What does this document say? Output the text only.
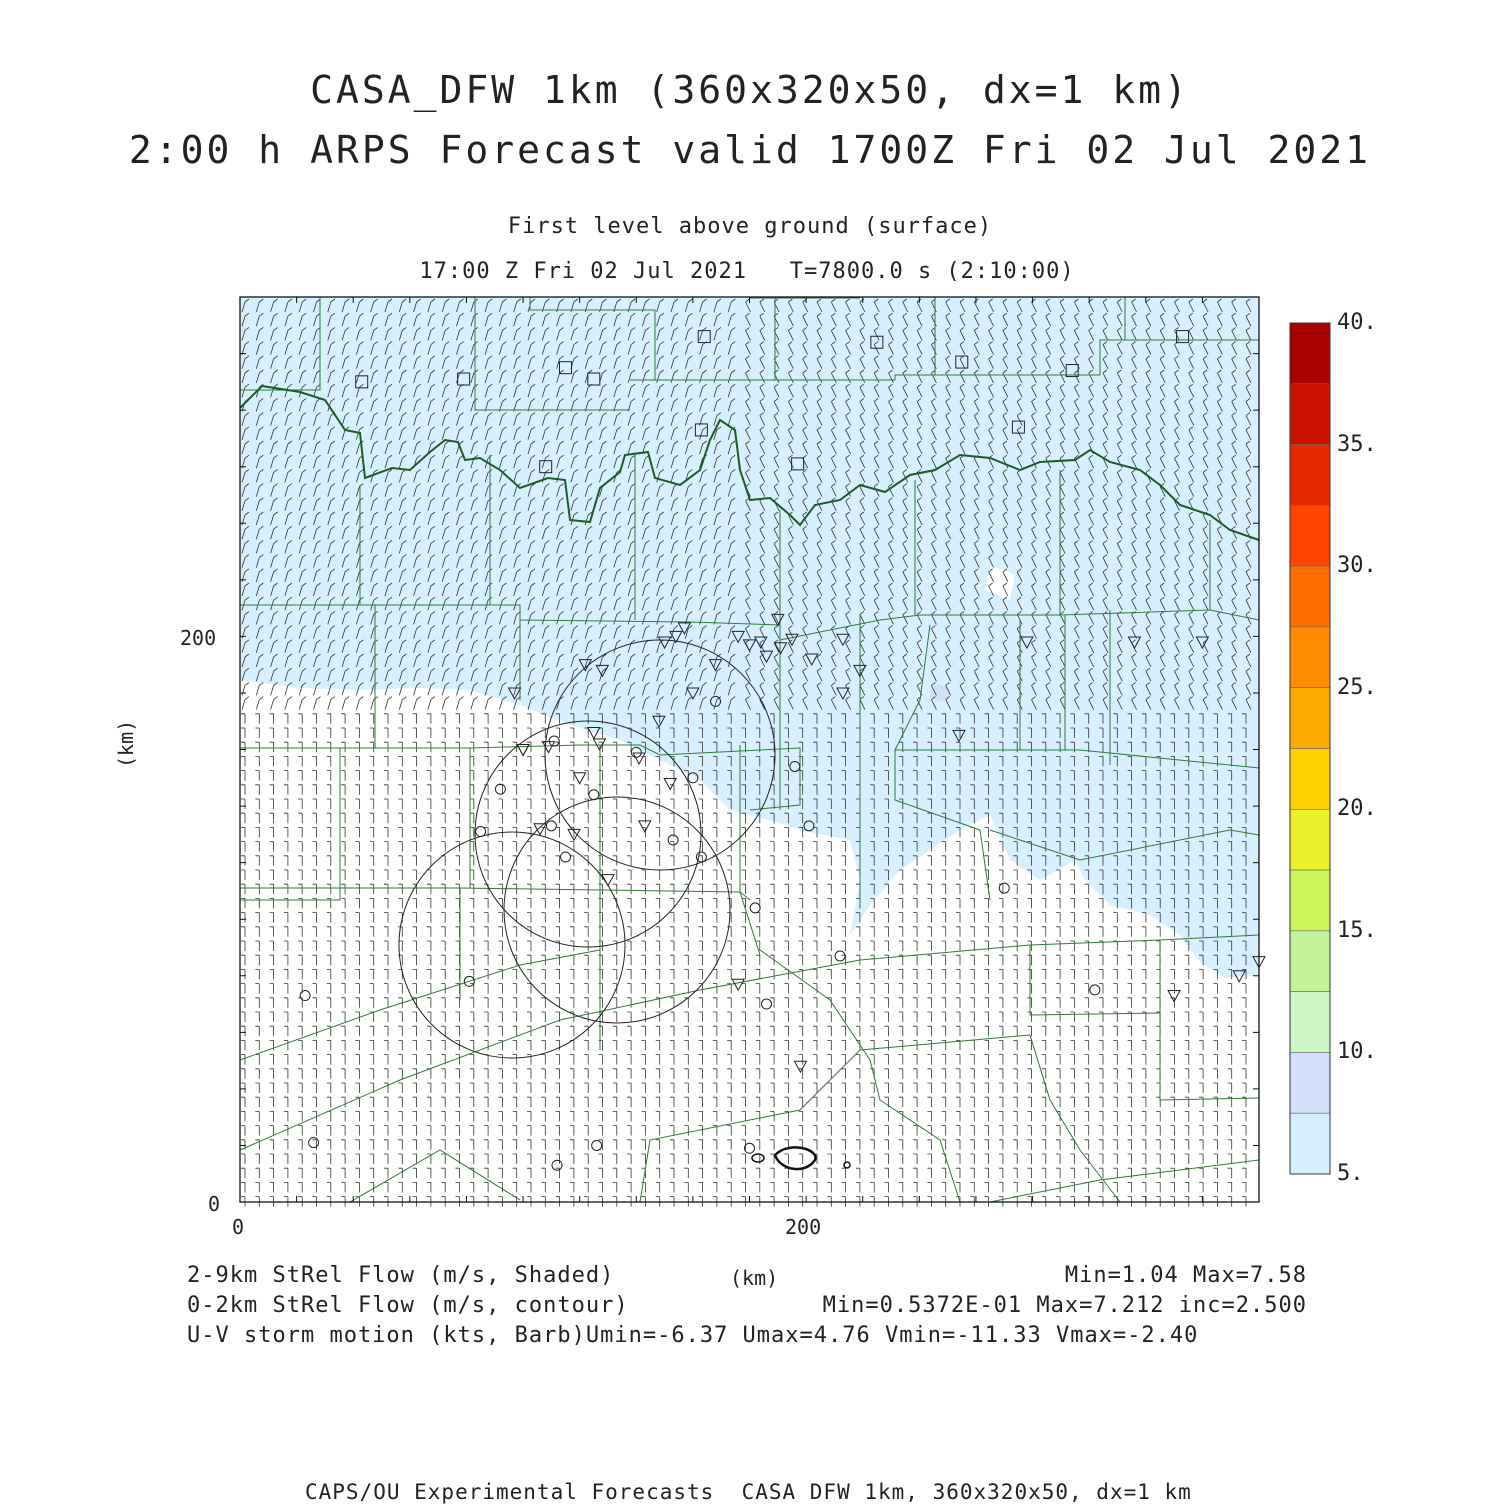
CASA_DFW 1km (360x320x50, dx=1 km)
2:00 h ARPS Forecast valid 1700Z Fri 02 Jul 2021
First level above ground (surface)
17:00 Z Fri 02 Jul 2021   T=7800.0 s (2:10:00)
(km)
200
0
0	200
40.
35.
30.
25.
20.
15.
10.
5.
2-9km StRel Flow (m/s, Shaded)	(km)	Min=1.04 Max=7.58
0-2km StRel Flow (m/s, contour)	Min=0.5372E-01 Max=7.212 inc=2.500
U-V storm motion (kts, Barb)Umin=-6.37 Umax=4.76 Vmin=-11.33 Vmax=-2.40
CAPS/OU Experimental Forecasts  CASA DFW 1km, 360x320x50, dx=1 km
